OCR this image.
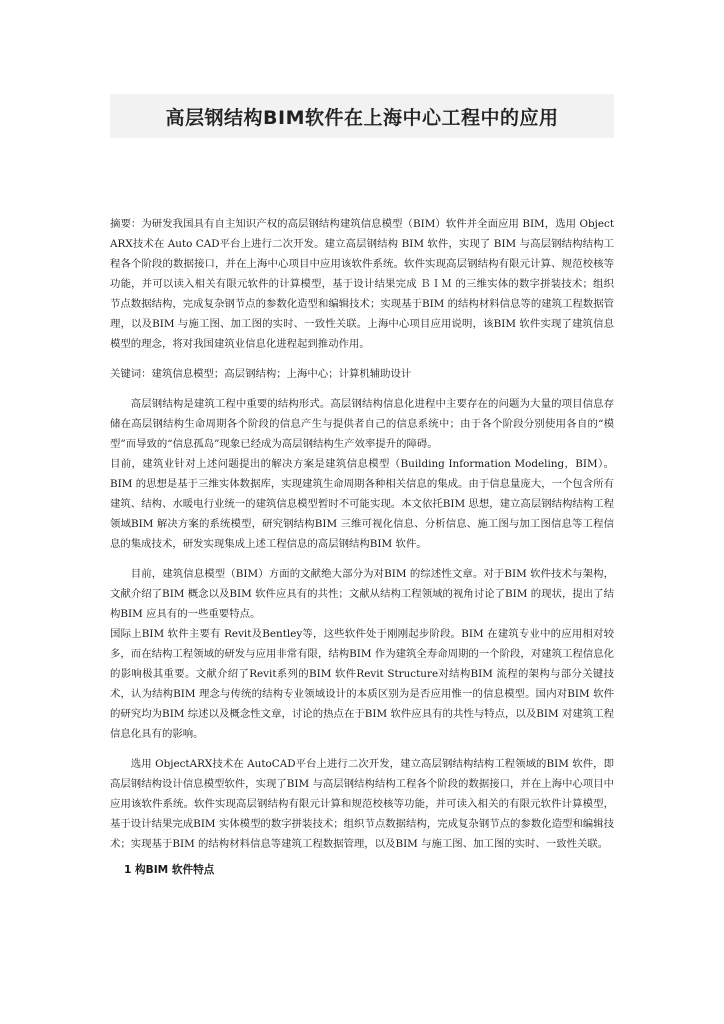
高层钢结构BIM软件在上海中心工程中的应用

摘要：为研发我国具有自主知识产权的高层钢结构建筑信息模型（BIM）软件并全面应用 BIM，选用 Object ARX技术在 Auto CAD平台上进行二次开发。建立高层钢结构 BIM 软件，实现了 BIM 与高层钢结构结构工程各个阶段的数据接口，并在上海中心项目中应用该软件系统。软件实现高层钢结构有限元计算、规范校核等功能，并可以读入相关有限元软件的计算模型，基于设计结果完成 ＢＩＭ 的三维实体的数字拼装技术；组织节点数据结构，完成复杂钢节点的参数化造型和编辑技术；实现基于BIM 的结构材料信息等的建筑工程数据管理，以及BIM 与施工图、加工图的实时、一致性关联。上海中心项目应用说明，该BIM 软件实现了建筑信息模型的理念，将对我国建筑业信息化进程起到推动作用。

关键词：建筑信息模型；高层钢结构；上海中心；计算机辅助设计

高层钢结构是建筑工程中重要的结构形式。高层钢结构信息化进程中主要存在的问题为大量的项目信息存储在高层钢结构生命周期各个阶段的信息产生与提供者自己的信息系统中；由于各个阶段分别使用各自的“模型”而导致的“信息孤岛”现象已经成为高层钢结构生产效率提升的障碍。

目前，建筑业针对上述问题提出的解决方案是建筑信息模型（Building Information Modeling，BIM）。BIM 的思想是基于三维实体数据库，实现建筑生命周期各种相关信息的集成。由于信息量庞大，一个包含所有建筑、结构、水暖电行业统一的建筑信息模型暂时不可能实现。本文依托BIM 思想，建立高层钢结构结构工程领域BIM 解决方案的系统模型，研究钢结构BIM 三维可视化信息、分析信息、施工图与加工图信息等工程信息的集成技术，研发实现集成上述工程信息的高层钢结构BIM 软件。

目前，建筑信息模型（BIM）方面的文献绝大部分为对BIM 的综述性文章。对于BIM 软件技术与架构，文献介绍了BIM 概念以及BIM 软件应具有的共性；文献从结构工程领域的视角讨论了BIM 的现状，提出了结构BIM 应具有的一些重要特点。

国际上BIM 软件主要有 Revit及Bentley等，这些软件处于刚刚起步阶段。BIM 在建筑专业中的应用相对较多，而在结构工程领域的研发与应用非常有限，结构BIM 作为建筑全寿命周期的一个阶段，对建筑工程信息化的影响极其重要。文献介绍了Revit系列的BIM 软件Revit Structure对结构BIM 流程的架构与部分关键技术，认为结构BIM 理念与传统的结构专业领域设计的本质区别为是否应用惟一的信息模型。国内对BIM 软件的研究均为BIM 综述以及概念性文章，讨论的热点在于BIM 软件应具有的共性与特点，以及BIM 对建筑工程信息化具有的影响。

选用 ObjectARX技术在 AutoCAD平台上进行二次开发，建立高层钢结构结构工程领域的BIM 软件，即高层钢结构设计信息模型软件，实现了BIM 与高层钢结构结构工程各个阶段的数据接口，并在上海中心项目中应用该软件系统。软件实现高层钢结构有限元计算和规范校核等功能，并可读入相关的有限元软件计算模型，基于设计结果完成BIM 实体模型的数字拼装技术；组织节点数据结构，完成复杂钢节点的参数化造型和编辑技术；实现基于BIM 的结构材料信息等建筑工程数据管理，以及BIM 与施工图、加工图的实时、一致性关联。

1 构BIM 软件特点
